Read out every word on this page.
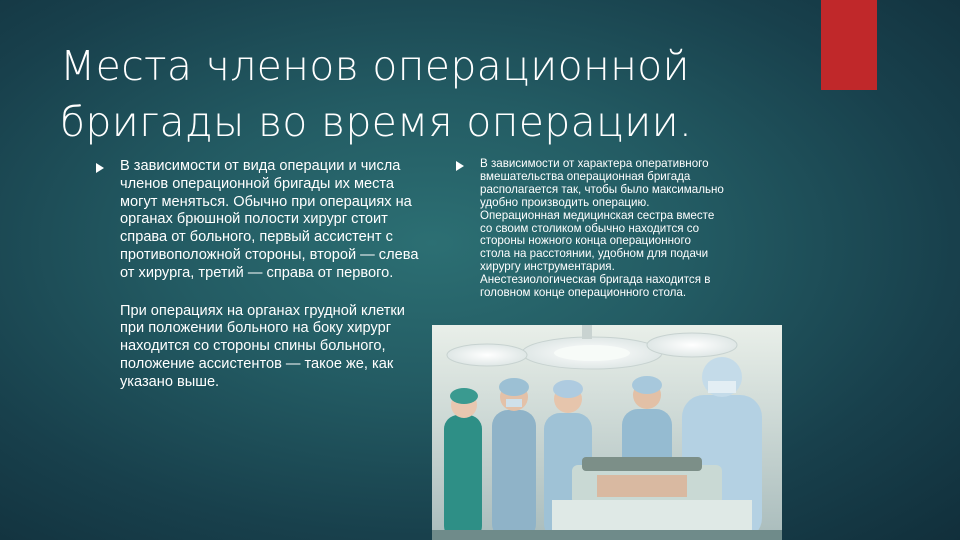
Места членов операционной
бригады во время операции.
В зависимости от вида операции и числа членов операционной бригады их места могут меняться. Обычно при операциях на органах брюшной полости хирург стоит справа от больного, первый ассистент с противоположной стороны, второй — слева от хирурга, третий — справа от первого.
При операциях на органах грудной клетки при положении больного на боку хирург находится со стороны спины больного, положение ассистентов — такое же, как указано выше.
В зависимости от характера оперативного
вмешательства операционная бригада
располагается так, чтобы было максимально
удобно производить операцию.
Операционная медицинская сестра вместе
со своим столиком обычно находится со
стороны ножного конца операционного
стола на расстоянии, удобном для подачи
хирургу инструментария.
Анестезиологическая бригада находится в
головном конце операционного стола.
